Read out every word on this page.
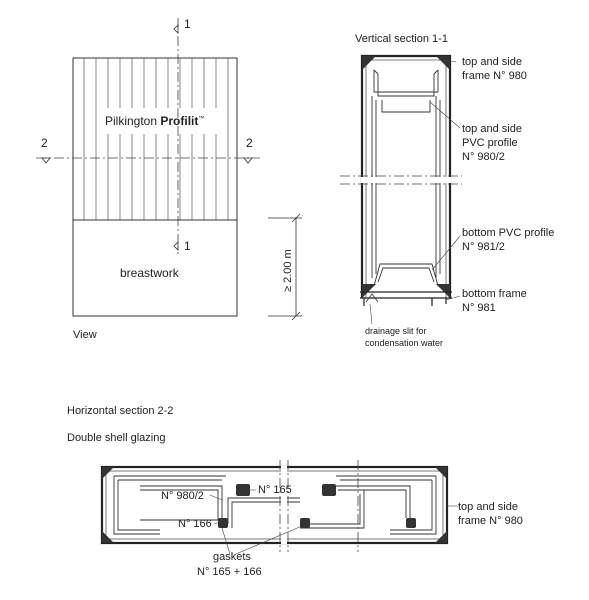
Pilkington Profilit™
breastwork
View
1
1
2	2
≥ 2.00 m
Vertical section 1-1
top and side
frame N° 980
top and side
PVC profile
N° 980/2
bottom PVC profile
N° 981/2
bottom frame
N° 981
drainage slit for
condensation water
Horizontal section 2-2
Double shell glazing
N° 980/2	N° 165
N° 166
gaskets
N° 165 + 166
top and side
frame N° 980
